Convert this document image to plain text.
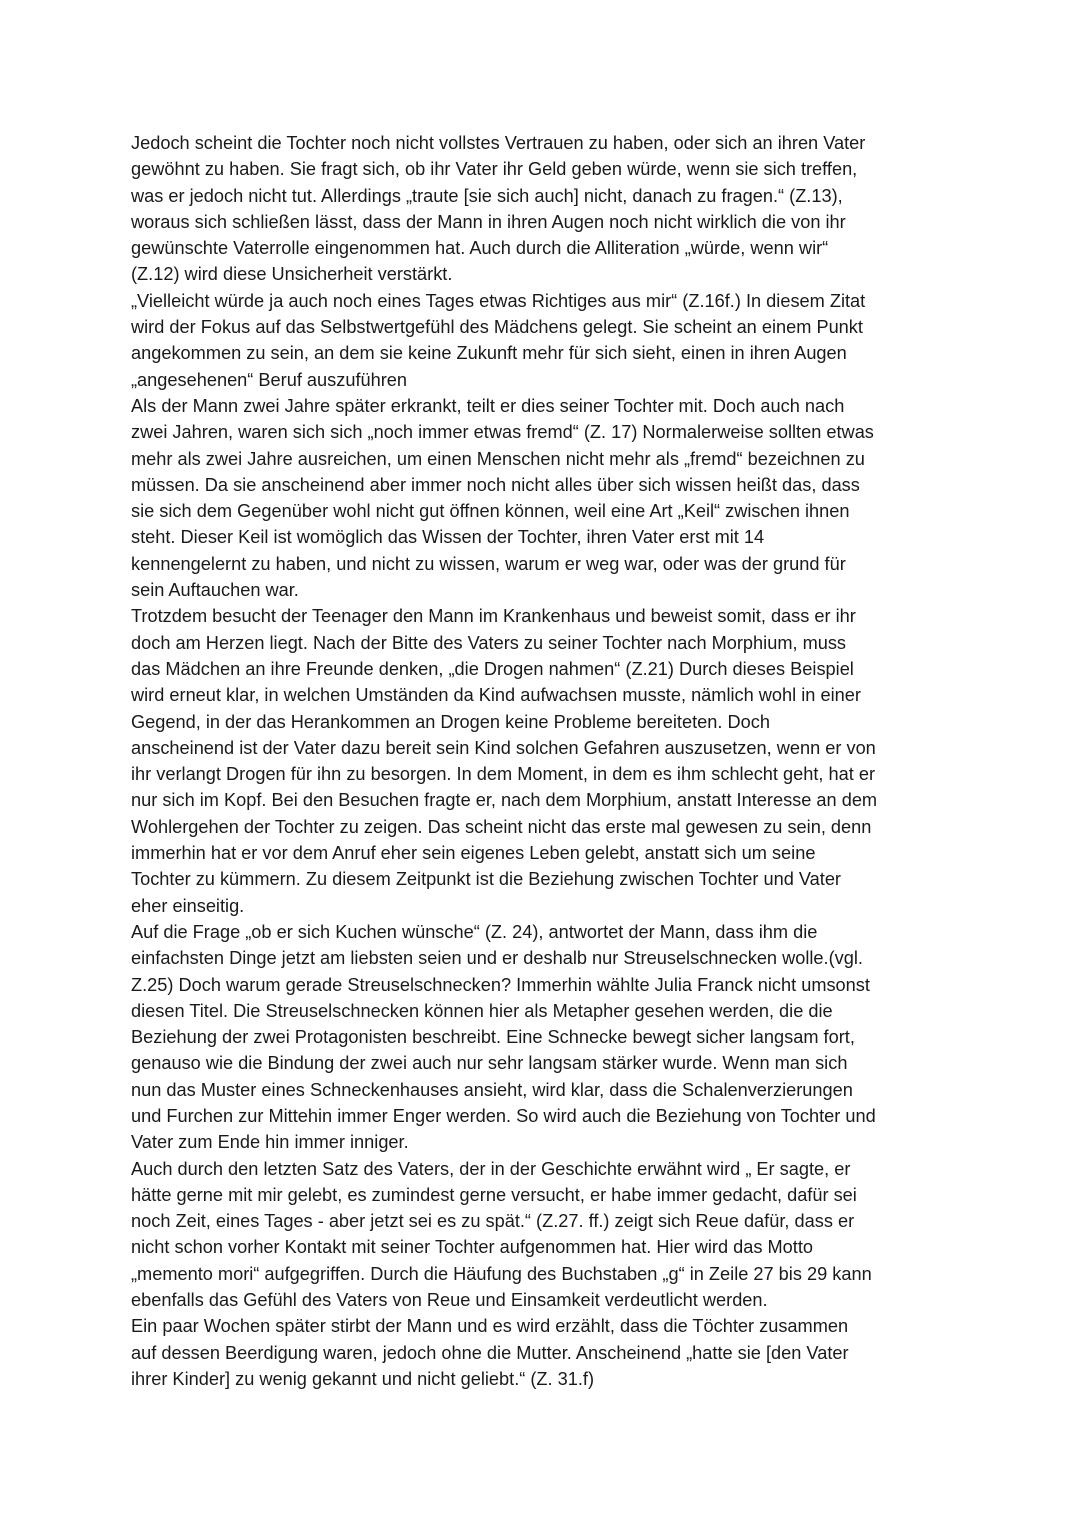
Jedoch scheint die Tochter noch nicht vollstes Vertrauen zu haben, oder sich an ihren Vater
gewöhnt zu haben. Sie fragt sich, ob ihr Vater ihr Geld geben würde, wenn sie sich treffen,
was er jedoch nicht tut. Allerdings „traute [sie sich auch] nicht, danach zu fragen.“ (Z.13),
woraus sich schließen lässt, dass der Mann in ihren Augen noch nicht wirklich die von ihr
gewünschte Vaterrolle eingenommen hat. Auch durch die Alliteration „würde, wenn wir“
(Z.12) wird diese Unsicherheit verstärkt.
„Vielleicht würde ja auch noch eines Tages etwas Richtiges aus mir“ (Z.16f.) In diesem Zitat
wird der Fokus auf das Selbstwertgefühl des Mädchens gelegt. Sie scheint an einem Punkt
angekommen zu sein, an dem sie keine Zukunft mehr für sich sieht, einen in ihren Augen
„angesehenen“ Beruf auszuführen
Als der Mann zwei Jahre später erkrankt, teilt er dies seiner Tochter mit. Doch auch nach
zwei Jahren, waren sich sich „noch immer etwas fremd“ (Z. 17) Normalerweise sollten etwas
mehr als zwei Jahre ausreichen, um einen Menschen nicht mehr als „fremd“ bezeichnen zu
müssen. Da sie anscheinend aber immer noch nicht alles über sich wissen heißt das, dass
sie sich dem Gegenüber wohl nicht gut öffnen können, weil eine Art „Keil“ zwischen ihnen
steht. Dieser Keil ist womöglich das Wissen der Tochter, ihren Vater erst mit 14
kennengelernt zu haben, und nicht zu wissen, warum er weg war, oder was der grund für
sein Auftauchen war.
Trotzdem besucht der Teenager den Mann im Krankenhaus und beweist somit, dass er ihr
doch am Herzen liegt. Nach der Bitte des Vaters zu seiner Tochter nach Morphium, muss
das Mädchen an ihre Freunde denken, „die Drogen nahmen“ (Z.21) Durch dieses Beispiel
wird erneut klar, in welchen Umständen da Kind aufwachsen musste, nämlich wohl in einer
Gegend, in der das Herankommen an Drogen keine Probleme bereiteten. Doch
anscheinend ist der Vater dazu bereit sein Kind solchen Gefahren auszusetzen, wenn er von
ihr verlangt Drogen für ihn zu besorgen. In dem Moment, in dem es ihm schlecht geht, hat er
nur sich im Kopf. Bei den Besuchen fragte er, nach dem Morphium, anstatt Interesse an dem
Wohlergehen der Tochter zu zeigen. Das scheint nicht das erste mal gewesen zu sein, denn
immerhin hat er vor dem Anruf eher sein eigenes Leben gelebt, anstatt sich um seine
Tochter zu kümmern. Zu diesem Zeitpunkt ist die Beziehung zwischen Tochter und Vater
eher einseitig.
Auf die Frage „ob er sich Kuchen wünsche“ (Z. 24), antwortet der Mann, dass ihm die
einfachsten Dinge jetzt am liebsten seien und er deshalb nur Streuselschnecken wolle.(vgl.
Z.25) Doch warum gerade Streuselschnecken? Immerhin wählte Julia Franck nicht umsonst
diesen Titel. Die Streuselschnecken können hier als Metapher gesehen werden, die die
Beziehung der zwei Protagonisten beschreibt. Eine Schnecke bewegt sicher langsam fort,
genauso wie die Bindung der zwei auch nur sehr langsam stärker wurde. Wenn man sich
nun das Muster eines Schneckenhauses ansieht, wird klar, dass die Schalenverzierungen
und Furchen zur Mittehin immer Enger werden. So wird auch die Beziehung von Tochter und
Vater zum Ende hin immer inniger.
Auch durch den letzten Satz des Vaters, der in der Geschichte erwähnt wird „ Er sagte, er
hätte gerne mit mir gelebt, es zumindest gerne versucht, er habe immer gedacht, dafür sei
noch Zeit, eines Tages - aber jetzt sei es zu spät.“ (Z.27. ff.) zeigt sich Reue dafür, dass er
nicht schon vorher Kontakt mit seiner Tochter aufgenommen hat. Hier wird das Motto
„memento mori“ aufgegriffen. Durch die Häufung des Buchstaben „g“ in Zeile 27 bis 29 kann
ebenfalls das Gefühl des Vaters von Reue und Einsamkeit verdeutlicht werden.
Ein paar Wochen später stirbt der Mann und es wird erzählt, dass die Töchter zusammen
auf dessen Beerdigung waren, jedoch ohne die Mutter. Anscheinend „hatte sie [den Vater
ihrer Kinder] zu wenig gekannt und nicht geliebt.“ (Z. 31.f)
